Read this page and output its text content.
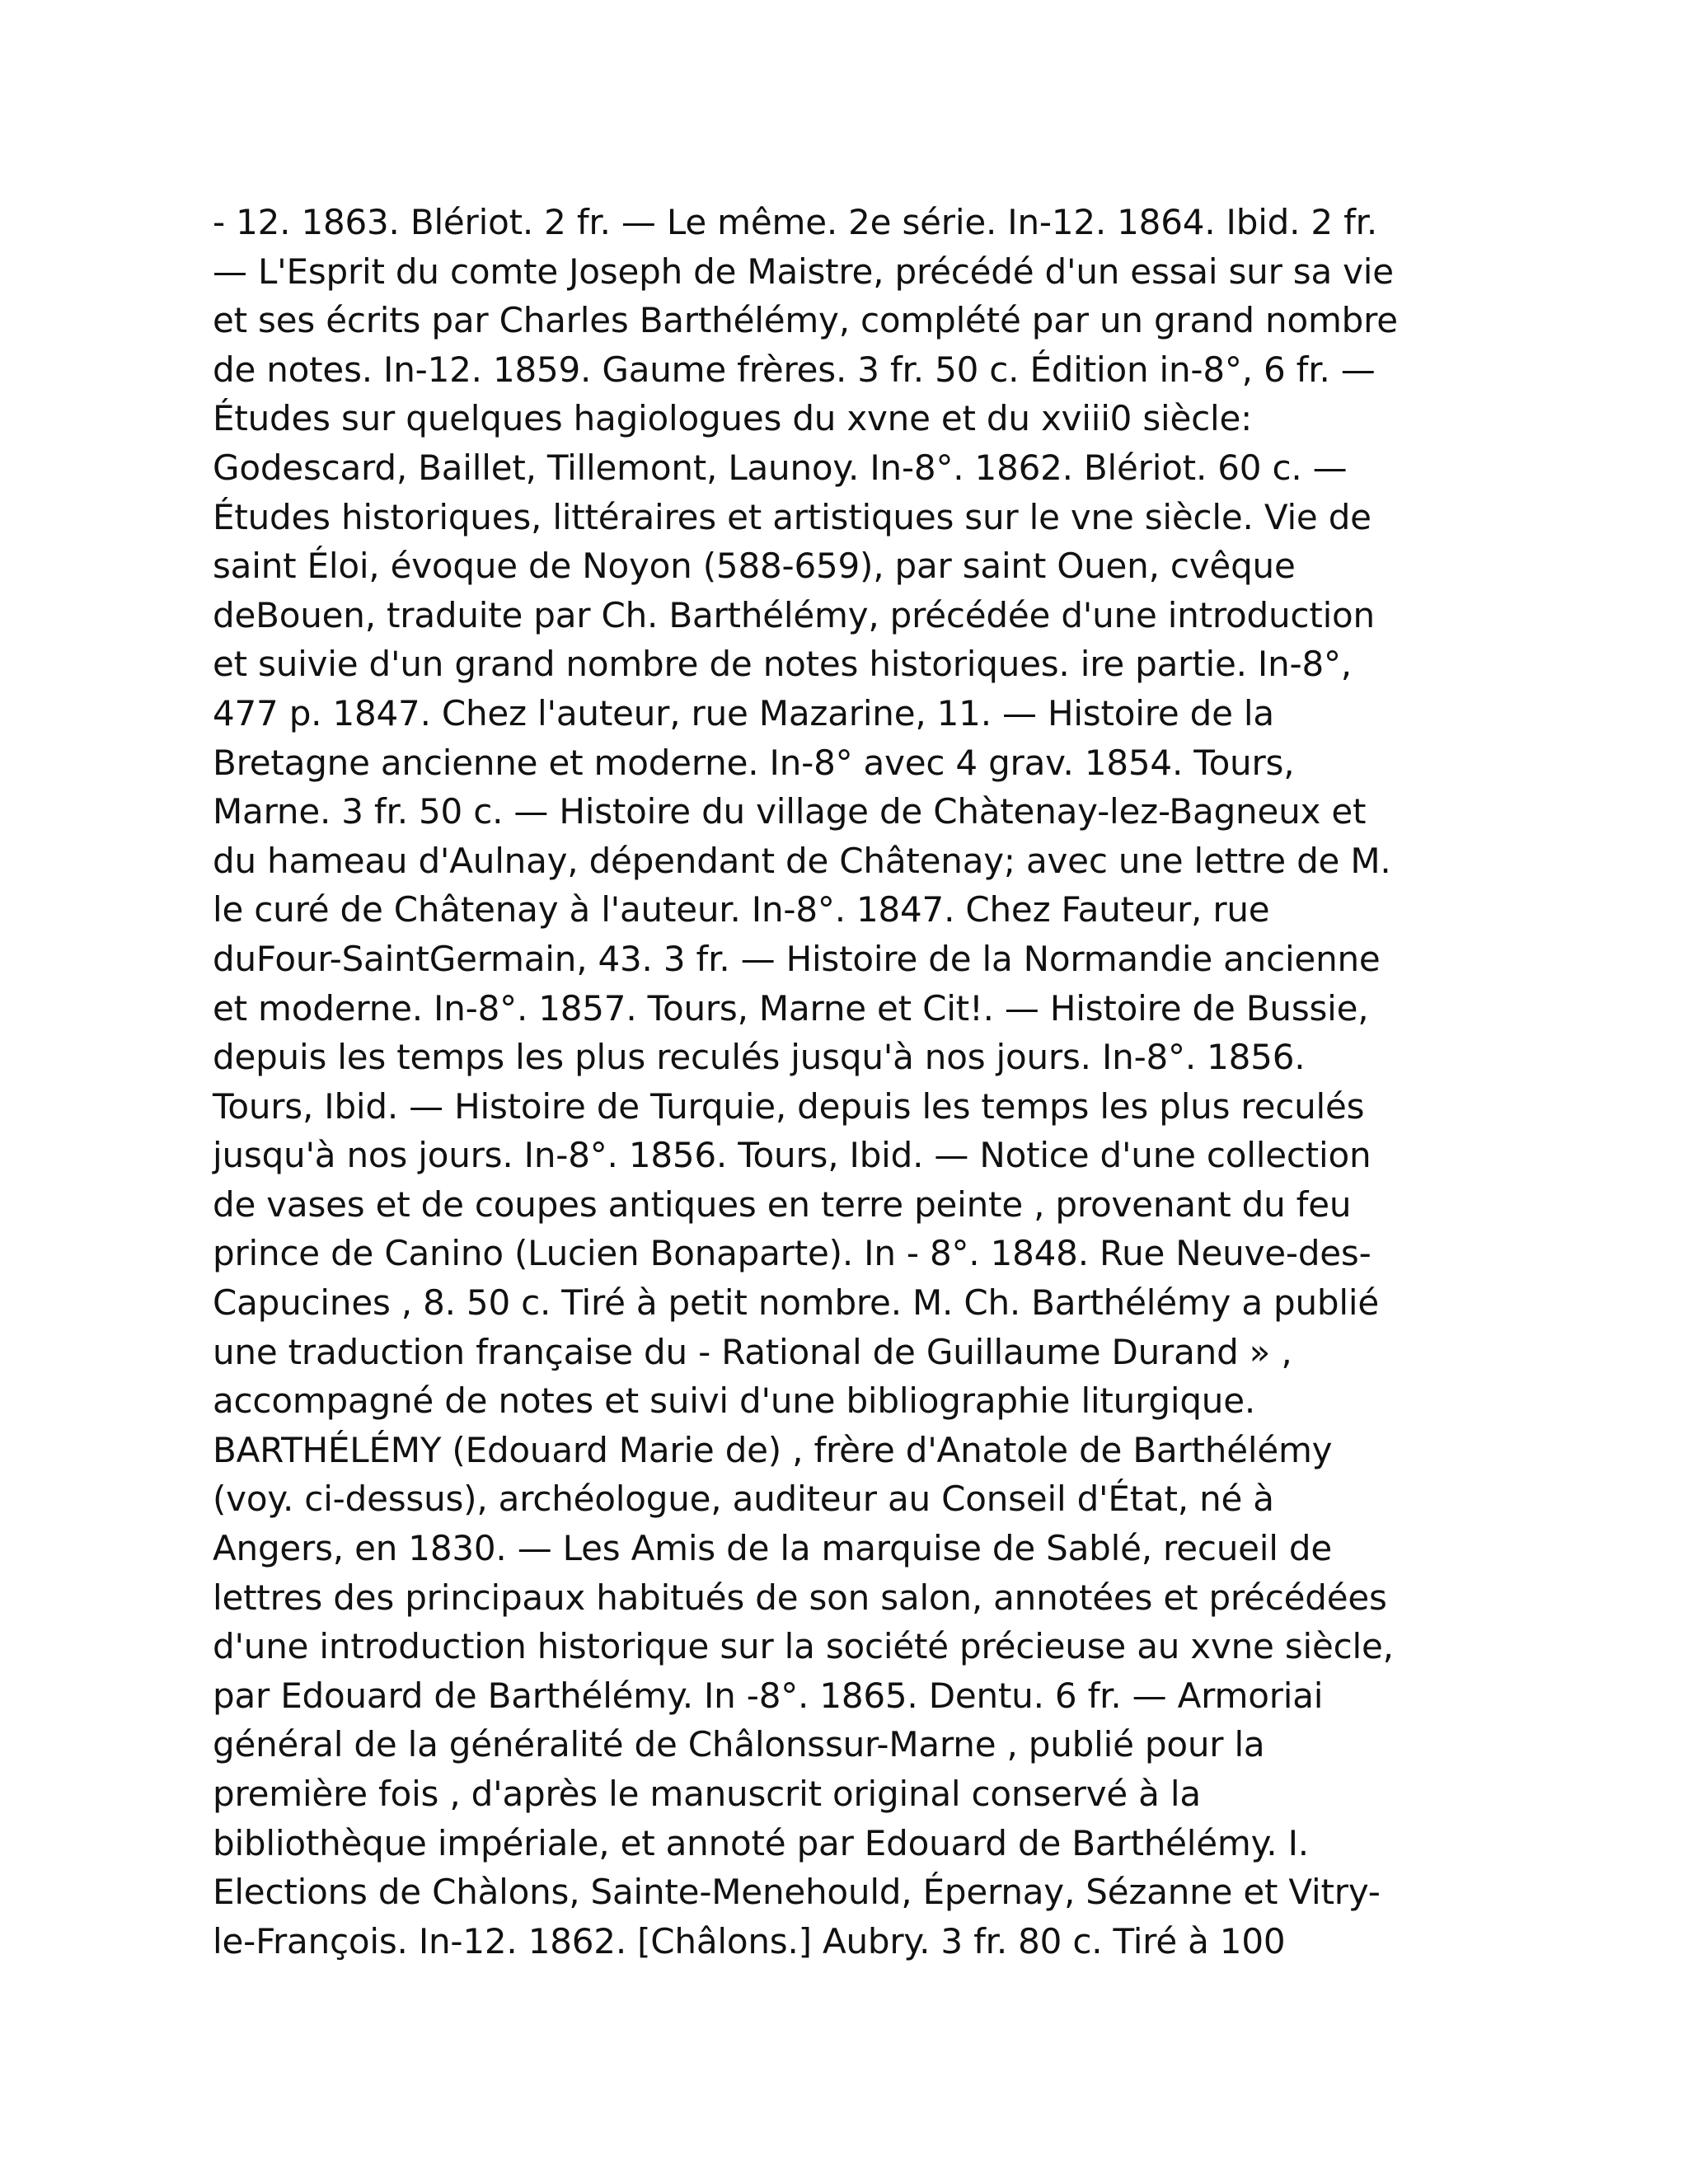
- 12. 1863. Blériot. 2 fr. — Le même. 2e série. In-12. 1864. Ibid. 2 fr.
— L'Esprit du comte Joseph de Maistre, précédé d'un essai sur sa vie
et ses écrits par Charles Barthélémy, complété par un grand nombre
de notes. In-12. 1859. Gaume frères. 3 fr. 50 c. Édition in-8°, 6 fr. —
Études sur quelques hagiologues du xvne et du xviii0 siècle:
Godescard, Baillet, Tillemont, Launoy. In-8°. 1862. Blériot. 60 c. —
Études historiques, littéraires et artistiques sur le vne siècle. Vie de
saint Éloi, évoque de Noyon (588-659), par saint Ouen, cvêque
deBouen, traduite par Ch. Barthélémy, précédée d'une introduction
et suivie d'un grand nombre de notes historiques. ire partie. In-8°,
477 p. 1847. Chez l'auteur, rue Mazarine, 11. — Histoire de la
Bretagne ancienne et moderne. In-8° avec 4 grav. 1854. Tours,
Marne. 3 fr. 50 c. — Histoire du village de Chàtenay-lez-Bagneux et
du hameau d'Aulnay, dépendant de Châtenay; avec une lettre de M.
le curé de Châtenay à l'auteur. In-8°. 1847. Chez Fauteur, rue
duFour-SaintGermain, 43. 3 fr. — Histoire de la Normandie ancienne
et moderne. In-8°. 1857. Tours, Marne et Cit!. — Histoire de Bussie,
depuis les temps les plus reculés jusqu'à nos jours. In-8°. 1856.
Tours, Ibid. — Histoire de Turquie, depuis les temps les plus reculés
jusqu'à nos jours. In-8°. 1856. Tours, Ibid. — Notice d'une collection
de vases et de coupes antiques en terre peinte , provenant du feu
prince de Canino (Lucien Bonaparte). In - 8°. 1848. Rue Neuve-des-
Capucines , 8. 50 c. Tiré à petit nombre. M. Ch. Barthélémy a publié
une traduction française du - Rational de Guillaume Durand » ,
accompagné de notes et suivi d'une bibliographie liturgique.
BARTHÉLÉMY (Edouard Marie de) , frère d'Anatole de Barthélémy
(voy. ci-dessus), archéologue, auditeur au Conseil d'État, né à
Angers, en 1830. — Les Amis de la marquise de Sablé, recueil de
lettres des principaux habitués de son salon, annotées et précédées
d'une introduction historique sur la société précieuse au xvne siècle,
par Edouard de Barthélémy. In -8°. 1865. Dentu. 6 fr. — Armoriai
général de la généralité de Châlonssur-Marne , publié pour la
première fois , d'après le manuscrit original conservé à la
bibliothèque impériale, et annoté par Edouard de Barthélémy. I.
Elections de Chàlons, Sainte-Menehould, Épernay, Sézanne et Vitry-
le-François. In-12. 1862. [Châlons.] Aubry. 3 fr. 80 c. Tiré à 100
